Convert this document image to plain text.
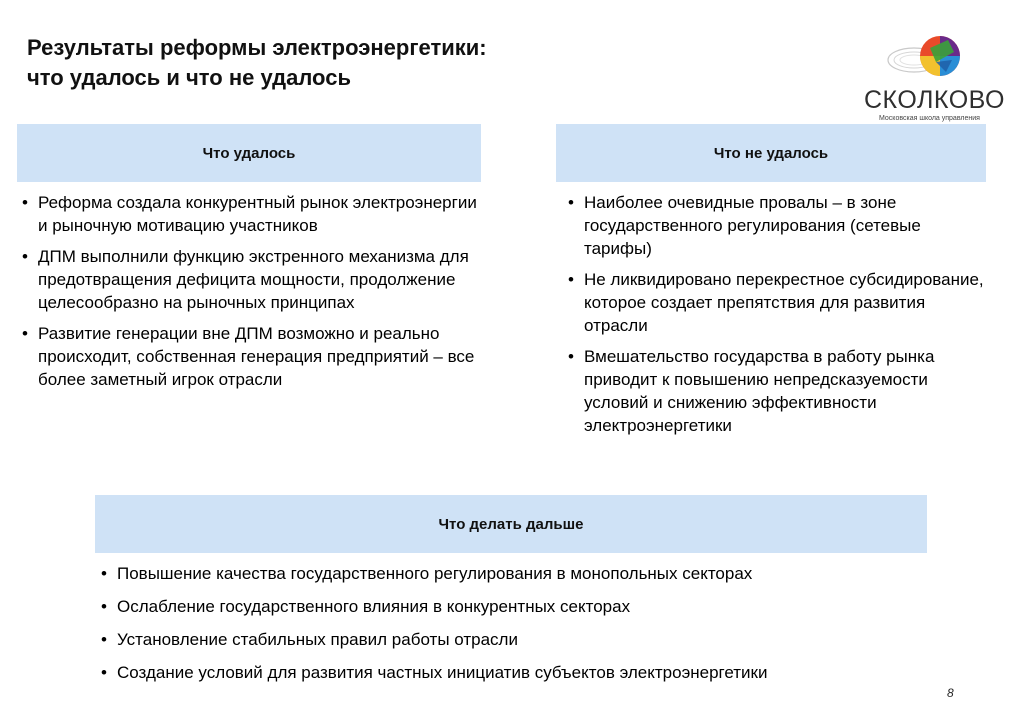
Результаты реформы электроэнергетики:
что удалось и что не удалось
СКОЛКОВО
Московская школа управления
Что удалось	Что не удалось
• Реформа создала конкурентный рынок электроэнергии и рыночную мотивацию участников
• ДПМ выполнили функцию экстренного механизма для предотвращения дефицита мощности, продолжение целесообразно на рыночных принципах
• Развитие генерации вне ДПМ возможно и реально происходит, собственная генерация предприятий – все более заметный игрок отрасли
• Наиболее очевидные провалы – в зоне государственного регулирования (сетевые тарифы)
• Не ликвидировано перекрестное субсидирование, которое создает препятствия для развития отрасли
• Вмешательство государства в работу рынка приводит к повышению непредсказуемости условий и снижению эффективности электроэнергетики
Что делать дальше
• Повышение качества государственного регулирования в монопольных секторах
• Ослабление государственного влияния в конкурентных секторах
• Установление стабильных правил работы отрасли
• Создание условий для развития частных инициатив субъектов электроэнергетики
8
